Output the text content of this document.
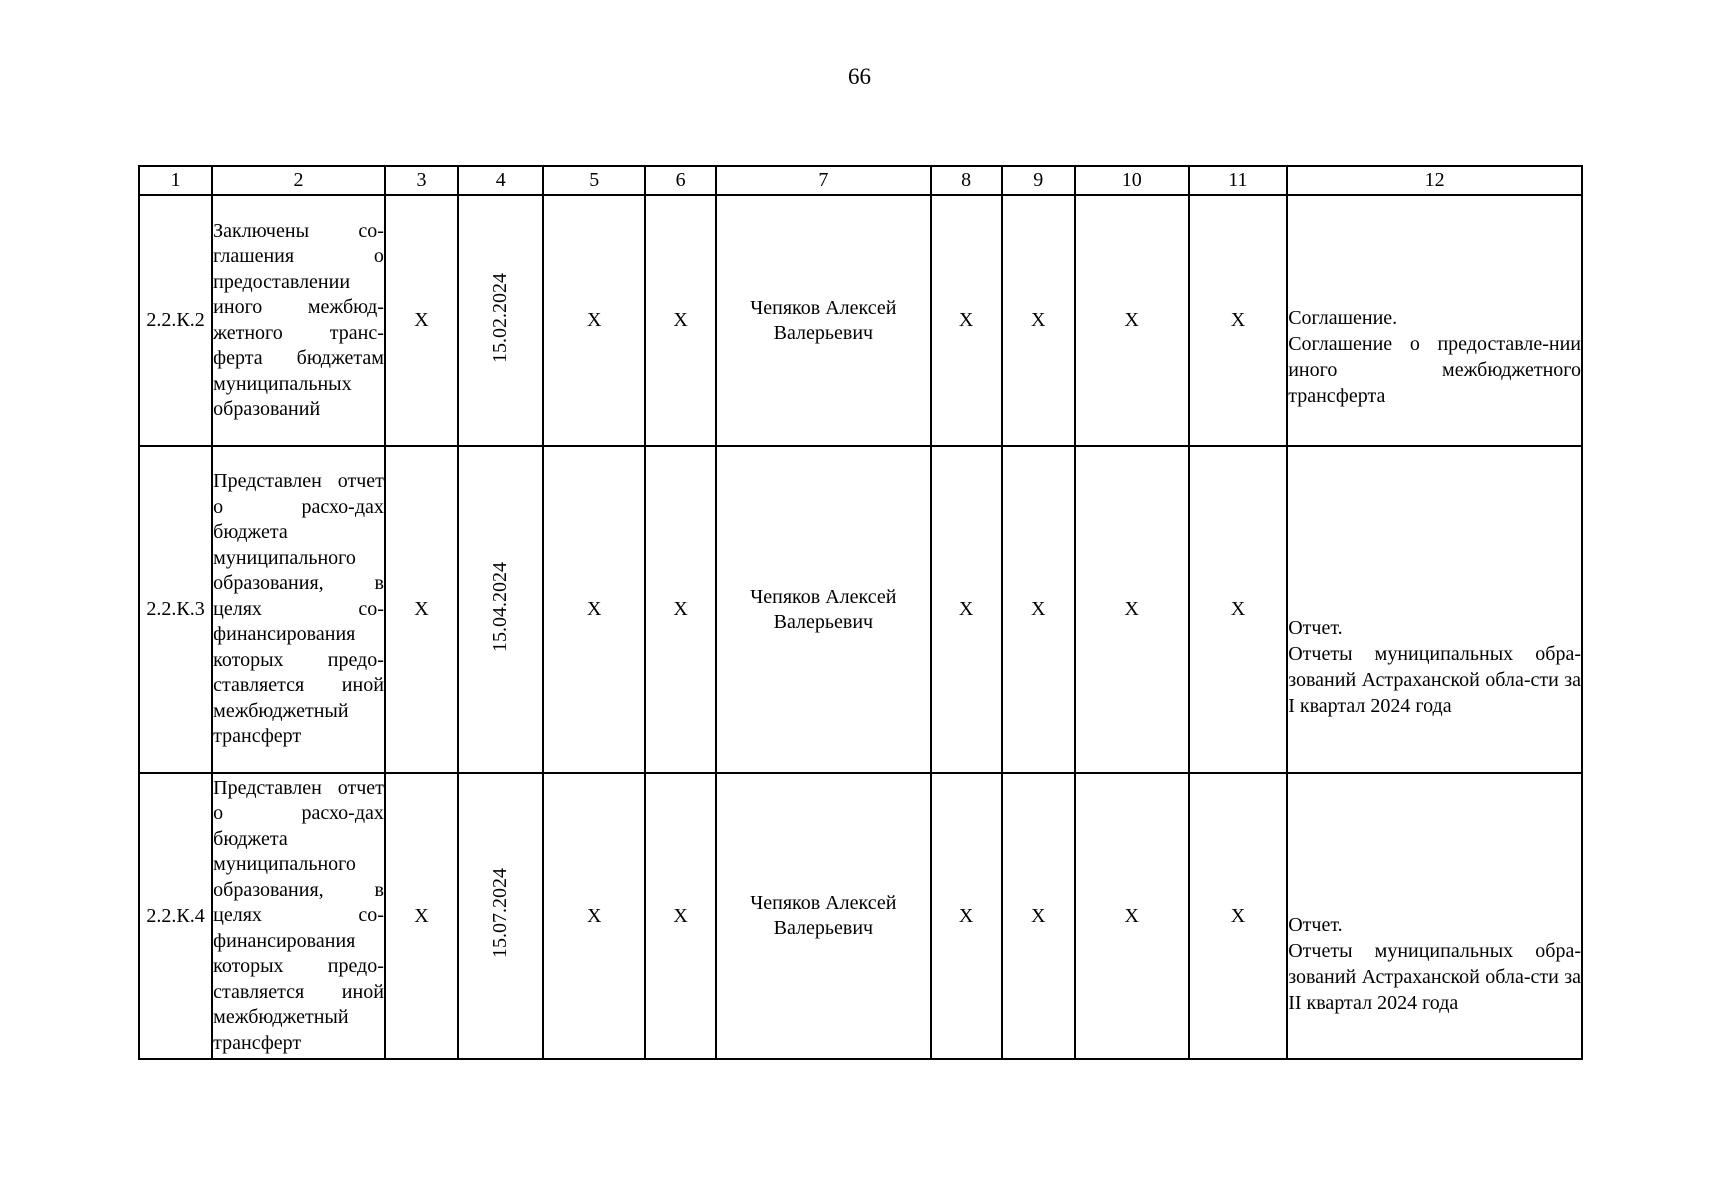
66
1	2	3	4	5	6	7	8	9	10	11	12
2.2.К.2	Заключены со-глашения о предоставлении иного межбюд-жетного транс-ферта бюджетам муниципальных образований	Х	15.02.2024	Х	Х	Чепяков Алексей Валерьевич	Х	Х	Х	Х	Соглашение.
Соглашение о предоставле-нии иного межбюджетного трансферта

2.2.К.3	Представлен отчет о расхо-дах бюджета муниципального образования, в целях со-финансирования которых предо-ставляется иной межбюджетный трансферт	Х	15.04.2024	Х	Х	Чепяков Алексей Валерьевич	Х	Х	Х	Х	Отчет.
Отчеты муниципальных обра-зований Астраханской обла-сти за I квартал 2024 года

2.2.К.4	Представлен отчет о расхо-дах бюджета муниципального образования, в целях со-финансирования которых предо-ставляется иной межбюджетный трансферт	Х	15.07.2024	Х	Х	Чепяков Алексей Валерьевич	Х	Х	Х	Х	Отчет.
Отчеты муниципальных обра-зований Астраханской обла-сти за II квартал 2024 года
